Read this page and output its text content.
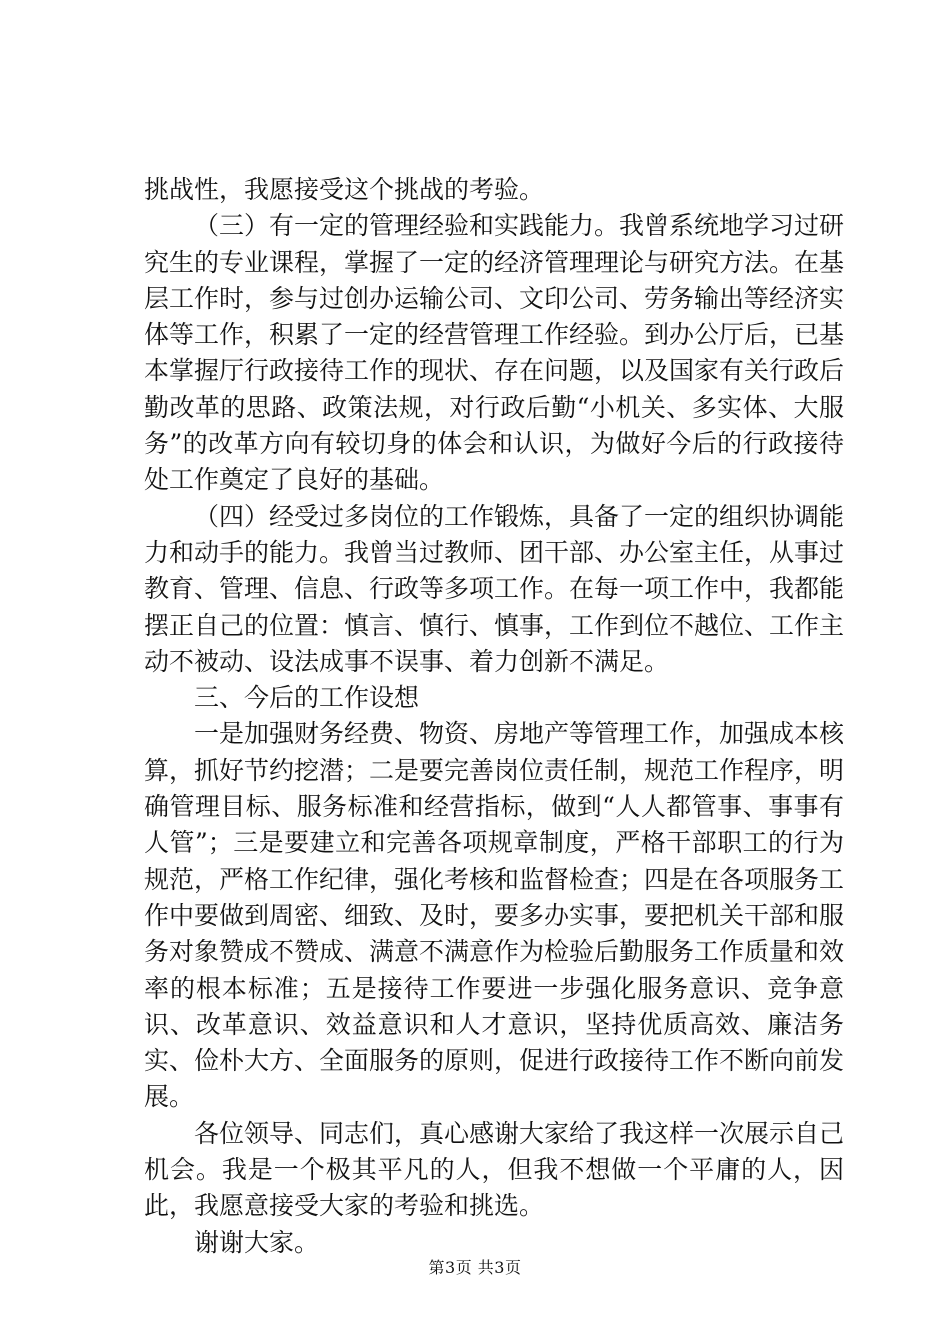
挑战性，我愿接受这个挑战的考验。

（三）有一定的管理经验和实践能力。我曾系统地学习过研究生的专业课程，掌握了一定的经济管理理论与研究方法。在基层工作时，参与过创办运输公司、文印公司、劳务输出等经济实体等工作，积累了一定的经营管理工作经验。到办公厅后，已基本掌握厅行政接待工作的现状、存在问题，以及国家有关行政后勤改革的思路、政策法规，对行政后勤“小机关、多实体、大服务”的改革方向有较切身的体会和认识，为做好今后的行政接待处工作奠定了良好的基础。

（四）经受过多岗位的工作锻炼，具备了一定的组织协调能力和动手的能力。我曾当过教师、团干部、办公室主任，从事过教育、管理、信息、行政等多项工作。在每一项工作中，我都能摆正自己的位置：慎言、慎行、慎事，工作到位不越位、工作主动不被动、设法成事不误事、着力创新不满足。

三、今后的工作设想

一是加强财务经费、物资、房地产等管理工作，加强成本核算，抓好节约挖潜；二是要完善岗位责任制，规范工作程序，明确管理目标、服务标准和经营指标，做到“人人都管事、事事有人管”；三是要建立和完善各项规章制度，严格干部职工的行为规范，严格工作纪律，强化考核和监督检查；四是在各项服务工作中要做到周密、细致、及时，要多办实事，要把机关干部和服务对象赞成不赞成、满意不满意作为检验后勤服务工作质量和效率的根本标准；五是接待工作要进一步强化服务意识、竞争意识、改革意识、效益意识和人才意识，坚持优质高效、廉洁务实、俭朴大方、全面服务的原则，促进行政接待工作不断向前发展。

各位领导、同志们，真心感谢大家给了我这样一次展示自己机会。我是一个极其平凡的人，但我不想做一个平庸的人，因此，我愿意接受大家的考验和挑选。

谢谢大家。

第3页 共3页
